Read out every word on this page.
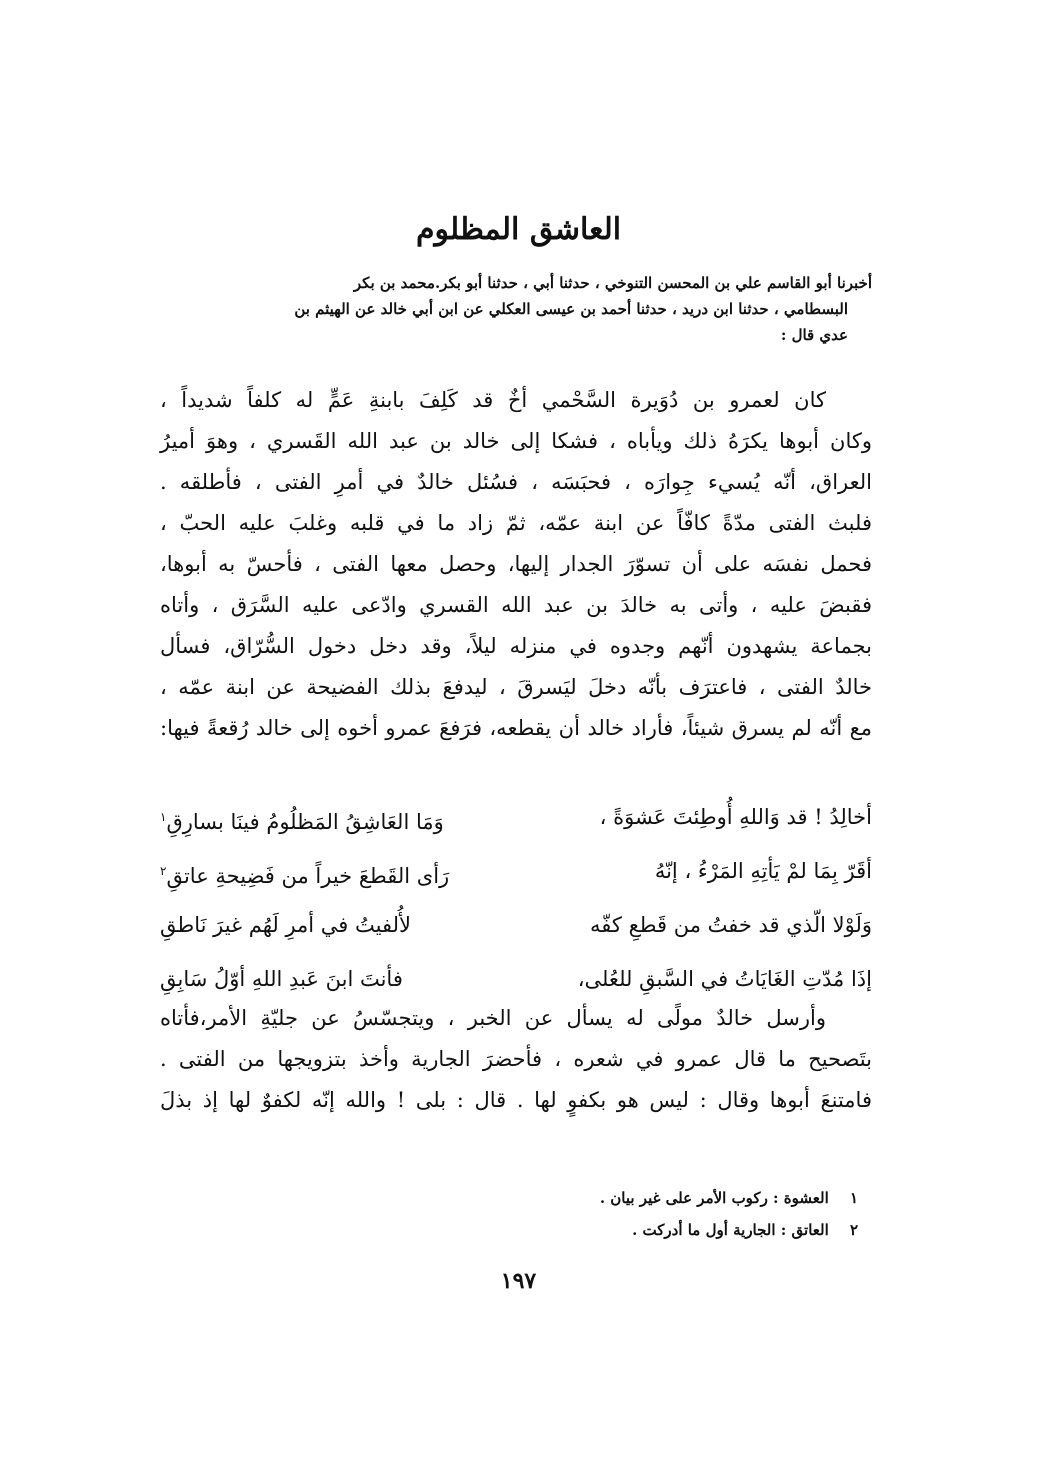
العاشق المظلوم
أخبرنا أبو القاسم علي بن المحسن التنوخي ، حدثنا أبي ، حدثنا أبو بكر.محمد بن بكر
البسطامي ، حدثنا ابن دريد ، حدثنا أحمد بن عيسى العكلي عن ابن أبي خالد عن الهيثم بن
عدي قال :
كان لعمرو بن دُوَيرة السَّحْمي أخٌ قد كَلِفَ بابنةِ عَمٍّ له كلفاً شديداً ،
وكان أبوها يكرَهُ ذلك ويأباه ، فشكا إلى خالد بن عبد الله القَسري ، وهوَ أميرُ
العراق، أنّه يُسيء جِوارَه ، فحبَسَه ، فسُئل خالدٌ في أمرِ الفتى ، فأطلقه .
فلبث الفتى مدّةً كافّاً عن ابنة عمّه، ثمّ زاد ما في قلبه وغلبَ عليه الحبّ ،
فحمل نفسَه على أن تسوّرَ الجدار إليها، وحصل معها الفتى ، فأحسّ به أبوها،
فقبضَ عليه ، وأتى به خالدَ بن عبد الله القسري وادّعى عليه السَّرَق ، وأتاه
بجماعة يشهدون أنّهم وجدوه في منزله ليلاً، وقد دخل دخول السُّرّاق، فسأل
خالدٌ الفتى ، فاعترَف بأنّه دخلَ ليَسرقَ ، ليدفعَ بذلك الفضيحة عن ابنة عمّه ،
مع أنّه لم يسرق شيئاً، فأراد خالد أن يقطعه، فرَفعَ عمرو أخوه إلى خالد رُقعةً فيها:
أخالِدُ ! قد وَاللهِ أُوطِئتَ عَشوَةً ،
وَمَا العَاشِقُ المَظلُومُ فينَا بسارِقِ$^١$
أقَرّ بِمَا لمْ يَأتِهِ المَرْءُ ، إنّهُ
رَأى القَطعَ خيراً من فَضِيحةِ عاتقِ$^٢$
وَلَوْلا الّذي قد خفتُ من قَطعِ كفّه
لأُلفيتُ في أمرِ لَهُم غيرَ نَاطقِ
إذَا مُدّتِ الغَايَاتُ في السَّبقِ للعُلى،
فأنتَ ابنَ عَبدِ اللهِ أوّلُ سَابِقِ
وأرسل خالدٌ مولًى له يسأل عن الخبر ، ويتجسّسُ عن جليّةِ الأمر،فأتاه
بتَصحيح ما قال عمرو في شعره ، فأحضرَ الجارية وأخذ بتزويجها من الفتى .
فامتنعَ أبوها وقال : ليس هو بكفوٍ لها . قال : بلى ! والله إنّه لكفوٌ لها إذ بذلَ
١ العشوة : ركوب الأمر على غير بيان .
٢ العاتق : الجارية أول ما أدركت .
١٩٧
